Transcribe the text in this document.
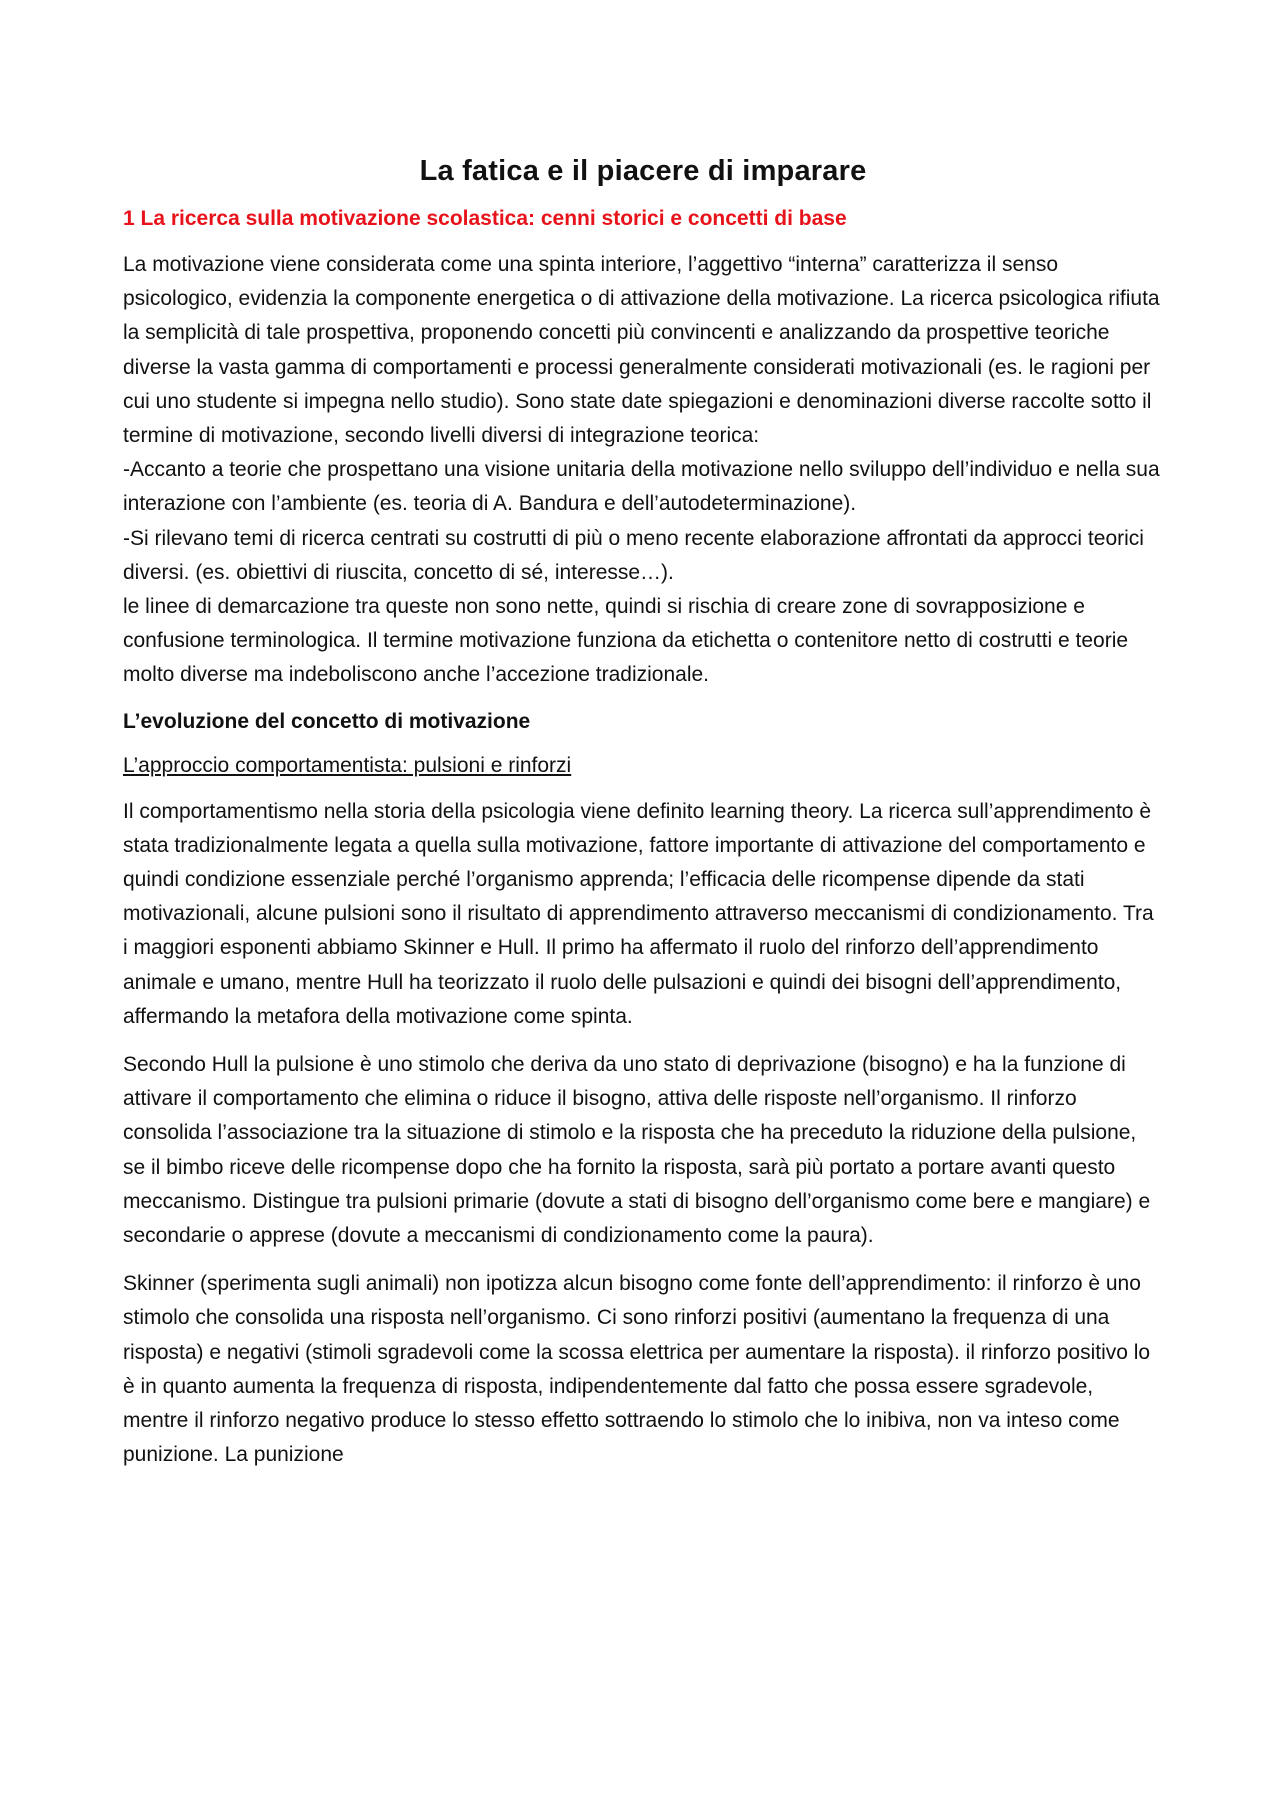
La fatica e il piacere di imparare
1 La ricerca sulla motivazione scolastica: cenni storici e concetti di base

La motivazione viene considerata come una spinta interiore, l’aggettivo “interna” caratterizza il senso psicologico, evidenzia la componente energetica o di attivazione della motivazione. La ricerca psicologica rifiuta la semplicità di tale prospettiva, proponendo concetti più convincenti e analizzando da prospettive teoriche diverse la vasta gamma di comportamenti e processi generalmente considerati motivazionali (es. le ragioni per cui uno studente si impegna nello studio). Sono state date spiegazioni e denominazioni diverse raccolte sotto il termine di motivazione, secondo livelli diversi di integrazione teorica:
-Accanto a teorie che prospettano una visione unitaria della motivazione nello sviluppo dell’individuo e nella sua interazione con l’ambiente (es. teoria di A. Bandura e dell’autodeterminazione).
-Si rilevano temi di ricerca centrati su costrutti di più o meno recente elaborazione affrontati da approcci teorici diversi. (es. obiettivi di riuscita, concetto di sé, interesse…).
le linee di demarcazione tra queste non sono nette, quindi si rischia di creare zone di sovrapposizione e confusione terminologica. Il termine motivazione funziona da etichetta o contenitore netto di costrutti e teorie molto diverse ma indeboliscono anche l’accezione tradizionale.

L’evoluzione del concetto di motivazione
L’approccio comportamentista: pulsioni e rinforzi

Il comportamentismo nella storia della psicologia viene definito learning theory. La ricerca sull’apprendimento è stata tradizionalmente legata a quella sulla motivazione, fattore importante di attivazione del comportamento e quindi condizione essenziale perché l’organismo apprenda; l’efficacia delle ricompense dipende da stati motivazionali, alcune pulsioni sono il risultato di apprendimento attraverso meccanismi di condizionamento. Tra i maggiori esponenti abbiamo Skinner e Hull. Il primo ha affermato il ruolo del rinforzo dell’apprendimento animale e umano, mentre Hull ha teorizzato il ruolo delle pulsazioni e quindi dei bisogni dell’apprendimento, affermando la metafora della motivazione come spinta.

Secondo Hull la pulsione è uno stimolo che deriva da uno stato di deprivazione (bisogno) e ha la funzione di attivare il comportamento che elimina o riduce il bisogno, attiva delle risposte nell’organismo. Il rinforzo consolida l’associazione tra la situazione di stimolo e la risposta che ha preceduto la riduzione della pulsione, se il bimbo riceve delle ricompense dopo che ha fornito la risposta, sarà più portato a portare avanti questo meccanismo. Distingue tra pulsioni primarie (dovute a stati di bisogno dell’organismo come bere e mangiare) e secondarie o apprese (dovute a meccanismi di condizionamento come la paura).

Skinner (sperimenta sugli animali) non ipotizza alcun bisogno come fonte dell’apprendimento: il rinforzo è uno stimolo che consolida una risposta nell’organismo. Ci sono rinforzi positivi (aumentano la frequenza di una risposta) e negativi (stimoli sgradevoli come la scossa elettrica per aumentare la risposta). il rinforzo positivo lo è in quanto aumenta la frequenza di risposta, indipendentemente dal fatto che possa essere sgradevole, mentre il rinforzo negativo produce lo stesso effetto sottraendo lo stimolo che lo inibiva, non va inteso come punizione. La punizione
